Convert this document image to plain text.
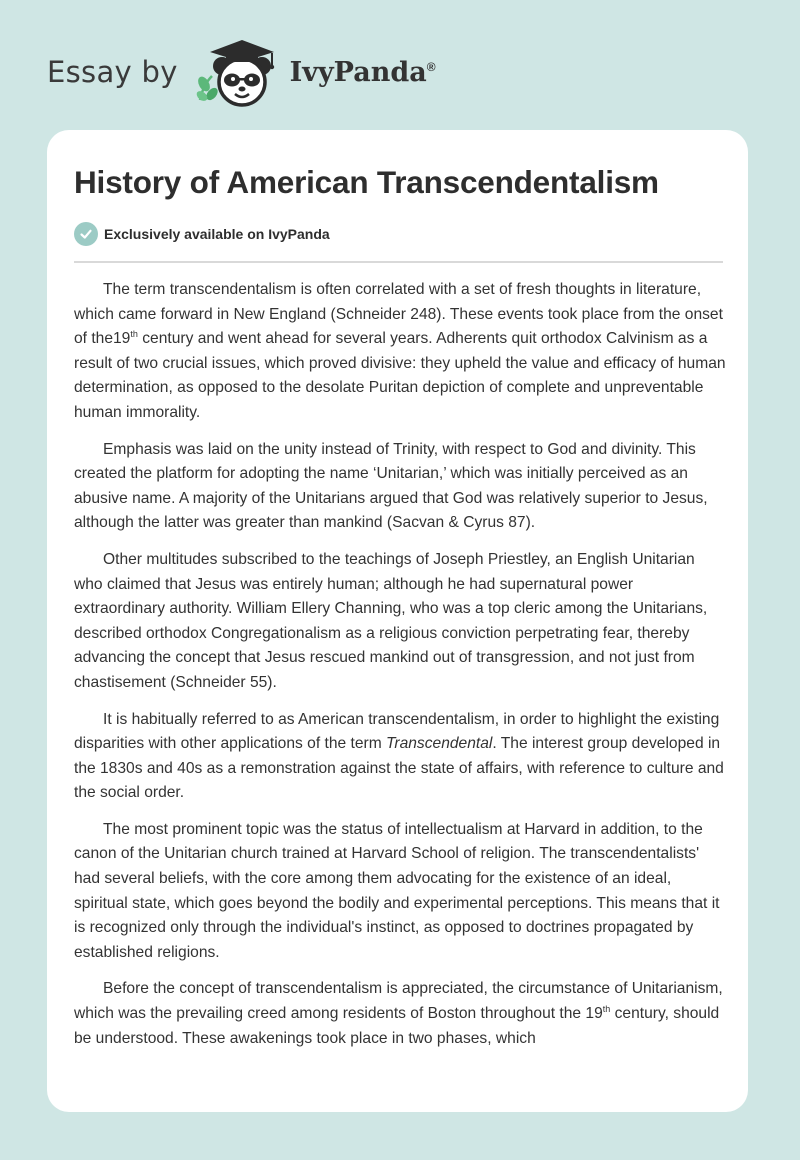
Essay by	IvyPanda®
History of American Transcendentalism
Exclusively available on IvyPanda

The term transcendentalism is often correlated with a set of fresh thoughts in literature, which came forward in New England (Schneider 248). These events took place from the onset of the19th century and went ahead for several years. Adherents quit orthodox Calvinism as a result of two crucial issues, which proved divisive: they upheld the value and efficacy of human determination, as opposed to the desolate Puritan depiction of complete and unpreventable human immorality.

Emphasis was laid on the unity instead of Trinity, with respect to God and divinity. This created the platform for adopting the name ‘Unitarian,’ which was initially perceived as an abusive name. A majority of the Unitarians argued that God was relatively superior to Jesus, although the latter was greater than mankind (Sacvan & Cyrus 87).

Other multitudes subscribed to the teachings of Joseph Priestley, an English Unitarian who claimed that Jesus was entirely human; although he had supernatural power extraordinary authority. William Ellery Channing, who was a top cleric among the Unitarians, described orthodox Congregationalism as a religious conviction perpetrating fear, thereby advancing the concept that Jesus rescued mankind out of transgression, and not just from chastisement (Schneider 55).

It is habitually referred to as American transcendentalism, in order to highlight the existing disparities with other applications of the term Transcendental. The interest group developed in the 1830s and 40s as a remonstration against the state of affairs, with reference to culture and the social order.

The most prominent topic was the status of intellectualism at Harvard in addition, to the canon of the Unitarian church trained at Harvard School of religion. The transcendentalists' had several beliefs, with the core among them advocating for the existence of an ideal, spiritual state, which goes beyond the bodily and experimental perceptions. This means that it is recognized only through the individual's instinct, as opposed to doctrines propagated by established religions.

Before the concept of transcendentalism is appreciated, the circumstance of Unitarianism, which was the prevailing creed among residents of Boston throughout the 19th century, should be understood. These awakenings took place in two phases, which
